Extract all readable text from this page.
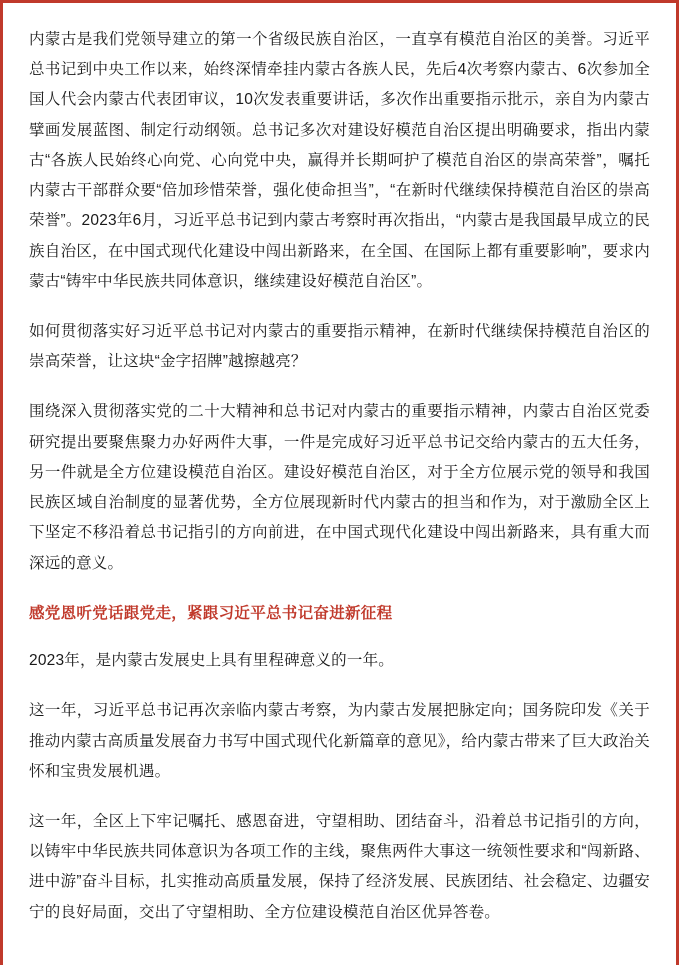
内蒙古是我们党领导建立的第一个省级民族自治区，一直享有模范自治区的美誉。习近平总书记到中央工作以来，始终深情牵挂内蒙古各族人民，先后4次考察内蒙古、6次参加全国人代会内蒙古代表团审议，10次发表重要讲话，多次作出重要指示批示，亲自为内蒙古擘画发展蓝图、制定行动纲领。总书记多次对建设好模范自治区提出明确要求，指出内蒙古“各族人民始终心向党、心向党中央，赢得并长期呵护了模范自治区的崇高荣誉”，嘱托内蒙古干部群众要“倍加珍惜荣誉，强化使命担当”，“在新时代继续保持模范自治区的崇高荣誉”。2023年6月，习近平总书记到内蒙古考察时再次指出，“内蒙古是我国最早成立的民族自治区，在中国式现代化建设中闯出新路来，在全国、在国际上都有重要影响”，要求内蒙古“铸牢中华民族共同体意识，继续建设好模范自治区”。

如何贯彻落实好习近平总书记对内蒙古的重要指示精神，在新时代继续保持模范自治区的崇高荣誉，让这块“金字招牌”越擦越亮？

围绕深入贯彻落实党的二十大精神和总书记对内蒙古的重要指示精神，内蒙古自治区党委研究提出要聚焦聚力办好两件大事，一件是完成好习近平总书记交给内蒙古的五大任务，另一件就是全方位建设模范自治区。建设好模范自治区，对于全方位展示党的领导和我国民族区域自治制度的显著优势，全方位展现新时代内蒙古的担当和作为，对于激励全区上下坚定不移沿着总书记指引的方向前进，在中国式现代化建设中闯出新路来，具有重大而深远的意义。

感党恩听党话跟党走，紧跟习近平总书记奋进新征程

2023年，是内蒙古发展史上具有里程碑意义的一年。

这一年，习近平总书记再次亲临内蒙古考察，为内蒙古发展把脉定向；国务院印发《关于推动内蒙古高质量发展奋力书写中国式现代化新篇章的意见》，给内蒙古带来了巨大政治关怀和宝贵发展机遇。

这一年，全区上下牢记嘱托、感恩奋进，守望相助、团结奋斗，沿着总书记指引的方向，以铸牢中华民族共同体意识为各项工作的主线，聚焦两件大事这一统领性要求和“闯新路、进中游”奋斗目标，扎实推动高质量发展，保持了经济发展、民族团结、社会稳定、边疆安宁的良好局面，交出了守望相助、全方位建设模范自治区优异答卷。
